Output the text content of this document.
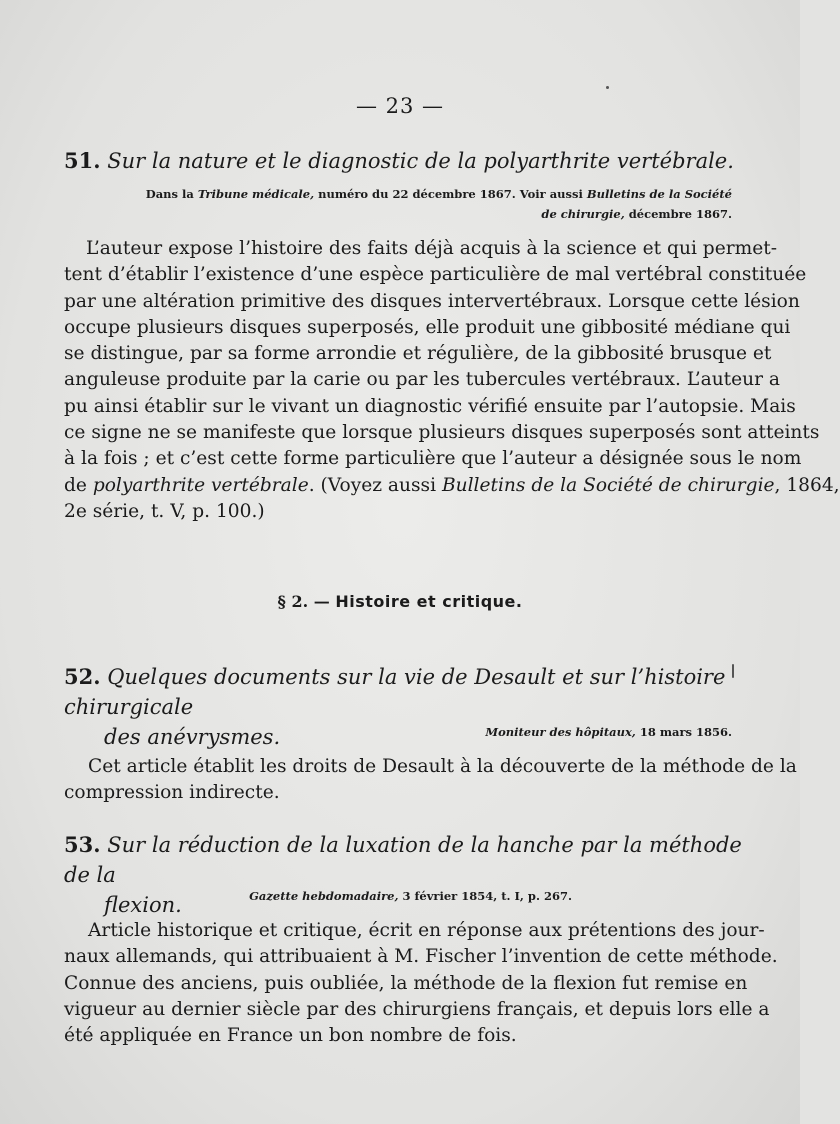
— 23 —
51. Sur la nature et le diagnostic de la polyarthrite vertébrale.
Dans la Tribune médicale, numéro du 22 décembre 1867. Voir aussi Bulletins de la Société
de chirurgie, décembre 1867.
L’auteur expose l’histoire des faits déjà acquis à la science et qui permet-
tent d’établir l’existence d’une espèce particulière de mal vertébral constituée
par une altération primitive des disques intervertébraux. Lorsque cette lésion
occupe plusieurs disques superposés, elle produit une gibbosité médiane qui
se distingue, par sa forme arrondie et régulière, de la gibbosité brusque et
anguleuse produite par la carie ou par les tubercules vertébraux. L’auteur a
pu ainsi établir sur le vivant un diagnostic vérifié ensuite par l’autopsie. Mais
ce signe ne se manifeste que lorsque plusieurs disques superposés sont atteints
à la fois ; et c’est cette forme particulière que l’auteur a désignée sous le nom
de polyarthrite vertébrale. (Voyez aussi Bulletins de la Société de chirurgie, 1864,
2e série, t. V, p. 100.)
§ 2. — Histoire et critique.
52. Quelques documents sur la vie de Desault et sur l’histoire chirurgicale
des anévrysmes.	Moniteur des hôpitaux, 18 mars 1856.
Cet article établit les droits de Desault à la découverte de la méthode de la
compression indirecte.
53. Sur la réduction de la luxation de la hanche par la méthode de la
flexion.	Gazette hebdomadaire, 3 février 1854, t. I, p. 267.
Article historique et critique, écrit en réponse aux prétentions des jour-
naux allemands, qui attribuaient à M. Fischer l’invention de cette méthode.
Connue des anciens, puis oubliée, la méthode de la flexion fut remise en
vigueur au dernier siècle par des chirurgiens français, et depuis lors elle a
été appliquée en France un bon nombre de fois.
